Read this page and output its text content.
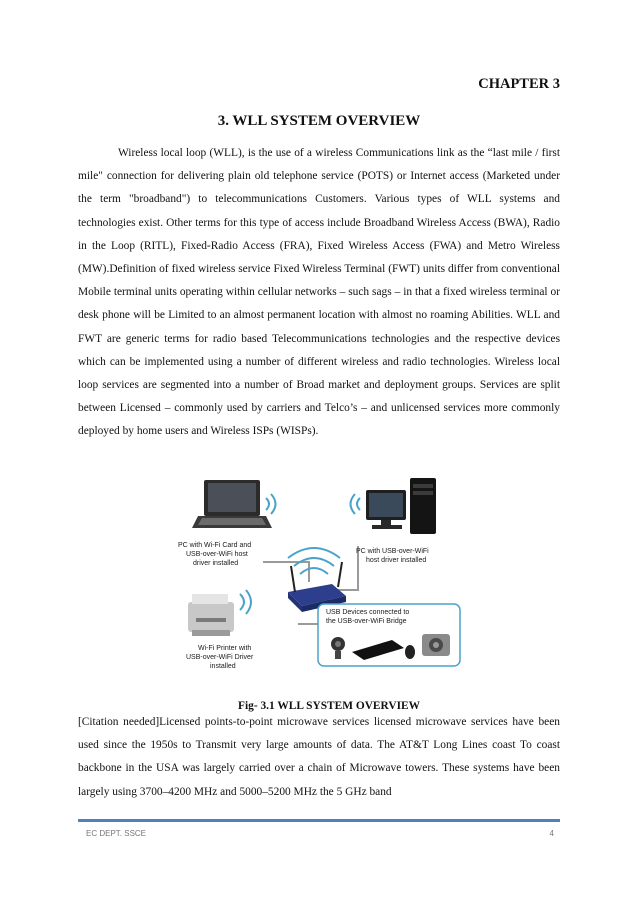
CHAPTER 3
3. WLL SYSTEM OVERVIEW

Wireless local loop (WLL), is the use of a wireless Communications link as the “last mile / first mile" connection for delivering plain old telephone service (POTS) or Internet access (Marketed under the term "broadband") to telecommunications Customers. Various types of WLL systems and technologies exist. Other terms for this type of access include Broadband Wireless Access (BWA), Radio in the Loop (RITL), Fixed-Radio Access (FRA), Fixed Wireless Access (FWA) and Metro Wireless (MW).Definition of fixed wireless service Fixed Wireless Terminal (FWT) units differ from conventional Mobile terminal units operating within cellular networks – such sags – in that a fixed wireless terminal or desk phone will be Limited to an almost permanent location with almost no roaming Abilities. WLL and FWT are generic terms for radio based Telecommunications technologies and the respective devices which can be implemented using a number of different wireless and radio technologies. Wireless local loop services are segmented into a number of Broad market and deployment groups. Services are split between Licensed – commonly used by carriers and Telco’s – and unlicensed services more commonly deployed by home users and Wireless ISPs (WISPs).

PC with Wi-Fi Card and
USB-over-WiFi host
driver installed
PC with USB-over-WiFi
host driver installed
Wi-Fi Printer with
USB-over-WiFi Driver
installed
USB Devices connected to
the USB-over-WiFi Bridge
Fig- 3.1 WLL SYSTEM OVERVIEW

[Citation needed]Licensed points-to-point microwave services licensed microwave services have been used since the 1950s to Transmit very large amounts of data. The AT&T Long Lines coast To coast backbone in the USA was largely carried over a chain of Microwave towers. These systems have been largely using 3700–4200 MHz and 5000–5200 MHz the 5 GHz band

EC DEPT. SSCE	4
